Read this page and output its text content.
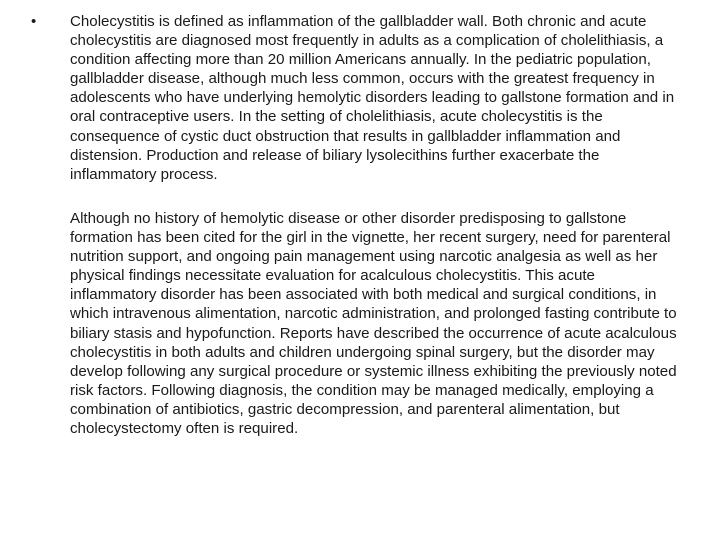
• Cholecystitis is defined as inflammation of the gallbladder wall. Both chronic and acute cholecystitis are diagnosed most frequently in adults as a complication of cholelithiasis, a condition affecting more than 20 million Americans annually. In the pediatric population, gallbladder disease, although much less common, occurs with the greatest frequency in adolescents who have underlying hemolytic disorders leading to gallstone formation and in oral contraceptive users. In the setting of cholelithiasis, acute cholecystitis is the consequence of cystic duct obstruction that results in gallbladder inflammation and distension. Production and release of biliary lysolecithins further exacerbate the inflammatory process.

Although no history of hemolytic disease or other disorder predisposing to gallstone formation has been cited for the girl in the vignette, her recent surgery, need for parenteral nutrition support, and ongoing pain management using narcotic analgesia as well as her physical findings necessitate evaluation for acalculous cholecystitis. This acute inflammatory disorder has been associated with both medical and surgical conditions, in which intravenous alimentation, narcotic administration, and prolonged fasting contribute to biliary stasis and hypofunction. Reports have described the occurrence of acute acalculous cholecystitis in both adults and children undergoing spinal surgery, but the disorder may develop following any surgical procedure or systemic illness exhibiting the previously noted risk factors. Following diagnosis, the condition may be managed medically, employing a combination of antibiotics, gastric decompression, and parenteral alimentation, but cholecystectomy often is required.
